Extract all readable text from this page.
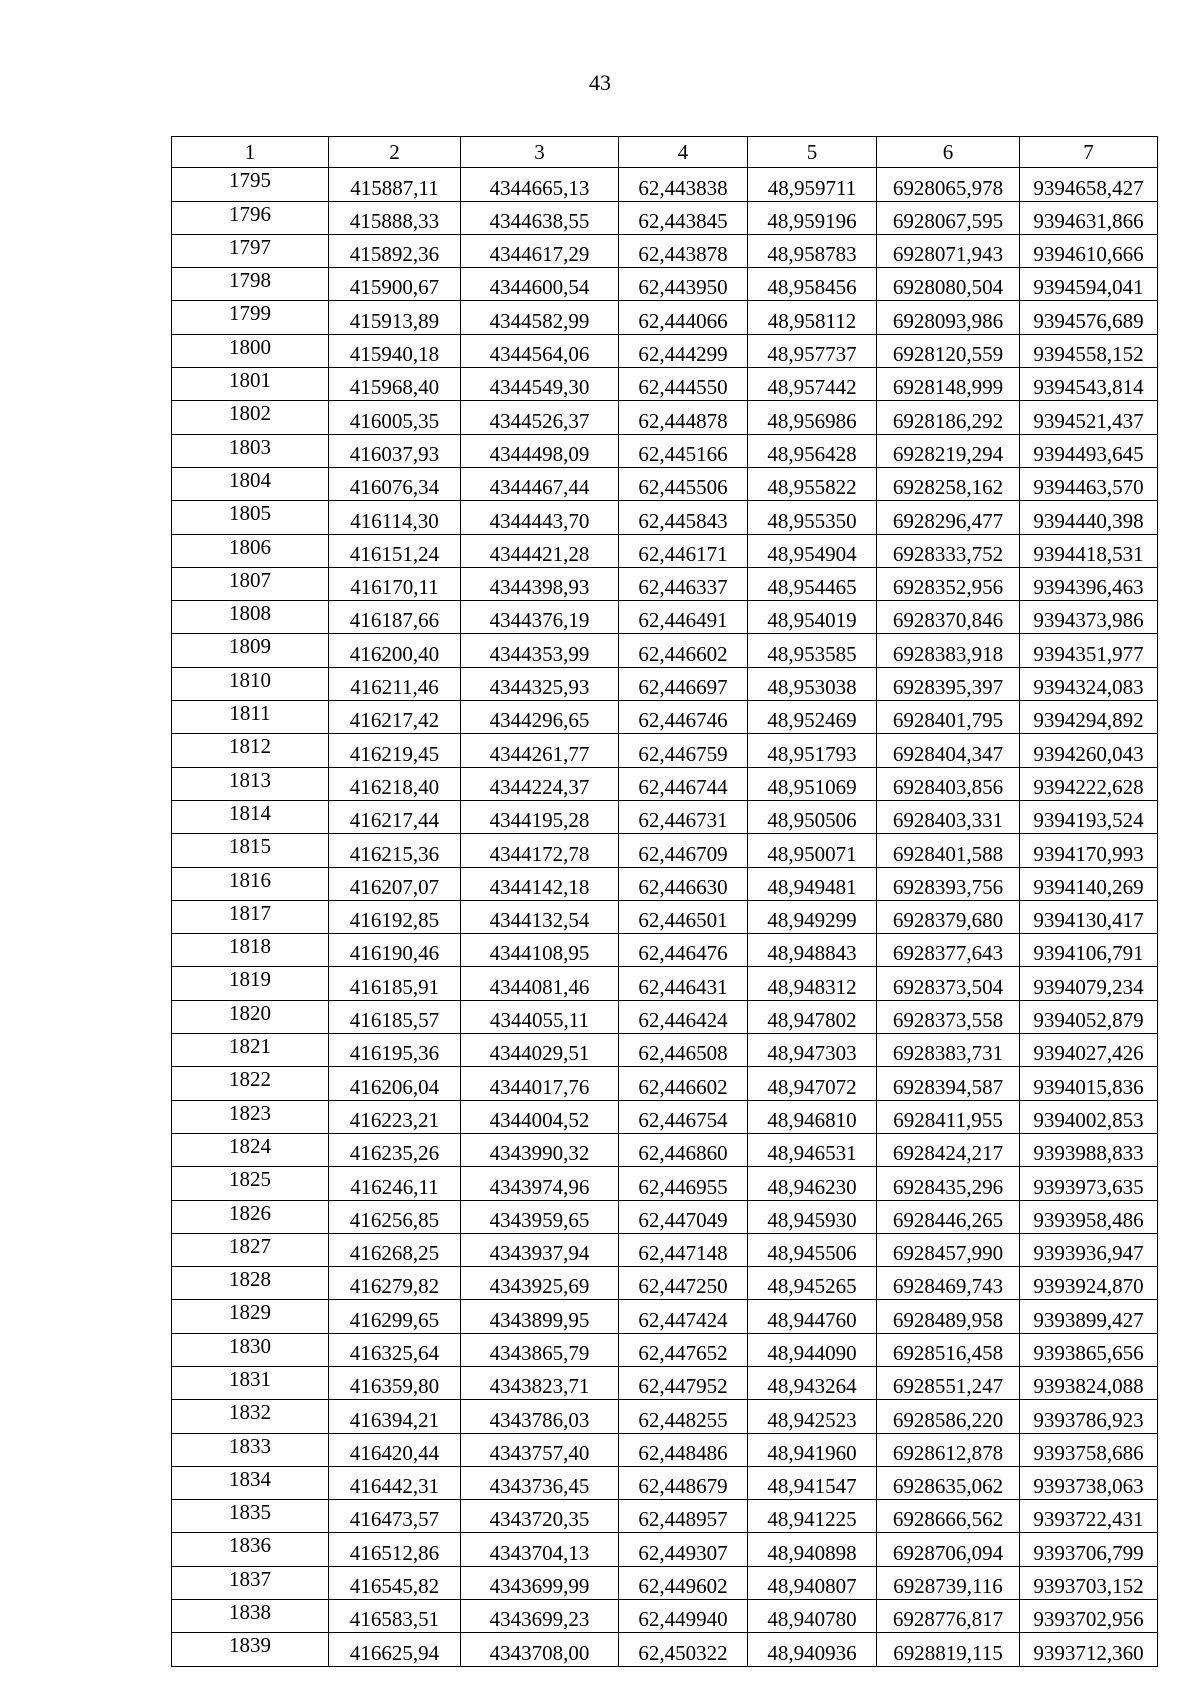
43
1	2	3	4	5	6	7
1795	415887,11	4344665,13	62,443838	48,959711	6928065,978	9394658,427
1796	415888,33	4344638,55	62,443845	48,959196	6928067,595	9394631,866
1797	415892,36	4344617,29	62,443878	48,958783	6928071,943	9394610,666
1798	415900,67	4344600,54	62,443950	48,958456	6928080,504	9394594,041
1799	415913,89	4344582,99	62,444066	48,958112	6928093,986	9394576,689
1800	415940,18	4344564,06	62,444299	48,957737	6928120,559	9394558,152
1801	415968,40	4344549,30	62,444550	48,957442	6928148,999	9394543,814
1802	416005,35	4344526,37	62,444878	48,956986	6928186,292	9394521,437
1803	416037,93	4344498,09	62,445166	48,956428	6928219,294	9394493,645
1804	416076,34	4344467,44	62,445506	48,955822	6928258,162	9394463,570
1805	416114,30	4344443,70	62,445843	48,955350	6928296,477	9394440,398
1806	416151,24	4344421,28	62,446171	48,954904	6928333,752	9394418,531
1807	416170,11	4344398,93	62,446337	48,954465	6928352,956	9394396,463
1808	416187,66	4344376,19	62,446491	48,954019	6928370,846	9394373,986
1809	416200,40	4344353,99	62,446602	48,953585	6928383,918	9394351,977
1810	416211,46	4344325,93	62,446697	48,953038	6928395,397	9394324,083
1811	416217,42	4344296,65	62,446746	48,952469	6928401,795	9394294,892
1812	416219,45	4344261,77	62,446759	48,951793	6928404,347	9394260,043
1813	416218,40	4344224,37	62,446744	48,951069	6928403,856	9394222,628
1814	416217,44	4344195,28	62,446731	48,950506	6928403,331	9394193,524
1815	416215,36	4344172,78	62,446709	48,950071	6928401,588	9394170,993
1816	416207,07	4344142,18	62,446630	48,949481	6928393,756	9394140,269
1817	416192,85	4344132,54	62,446501	48,949299	6928379,680	9394130,417
1818	416190,46	4344108,95	62,446476	48,948843	6928377,643	9394106,791
1819	416185,91	4344081,46	62,446431	48,948312	6928373,504	9394079,234
1820	416185,57	4344055,11	62,446424	48,947802	6928373,558	9394052,879
1821	416195,36	4344029,51	62,446508	48,947303	6928383,731	9394027,426
1822	416206,04	4344017,76	62,446602	48,947072	6928394,587	9394015,836
1823	416223,21	4344004,52	62,446754	48,946810	6928411,955	9394002,853
1824	416235,26	4343990,32	62,446860	48,946531	6928424,217	9393988,833
1825	416246,11	4343974,96	62,446955	48,946230	6928435,296	9393973,635
1826	416256,85	4343959,65	62,447049	48,945930	6928446,265	9393958,486
1827	416268,25	4343937,94	62,447148	48,945506	6928457,990	9393936,947
1828	416279,82	4343925,69	62,447250	48,945265	6928469,743	9393924,870
1829	416299,65	4343899,95	62,447424	48,944760	6928489,958	9393899,427
1830	416325,64	4343865,79	62,447652	48,944090	6928516,458	9393865,656
1831	416359,80	4343823,71	62,447952	48,943264	6928551,247	9393824,088
1832	416394,21	4343786,03	62,448255	48,942523	6928586,220	9393786,923
1833	416420,44	4343757,40	62,448486	48,941960	6928612,878	9393758,686
1834	416442,31	4343736,45	62,448679	48,941547	6928635,062	9393738,063
1835	416473,57	4343720,35	62,448957	48,941225	6928666,562	9393722,431
1836	416512,86	4343704,13	62,449307	48,940898	6928706,094	9393706,799
1837	416545,82	4343699,99	62,449602	48,940807	6928739,116	9393703,152
1838	416583,51	4343699,23	62,449940	48,940780	6928776,817	9393702,956
1839	416625,94	4343708,00	62,450322	48,940936	6928819,115	9393712,360
